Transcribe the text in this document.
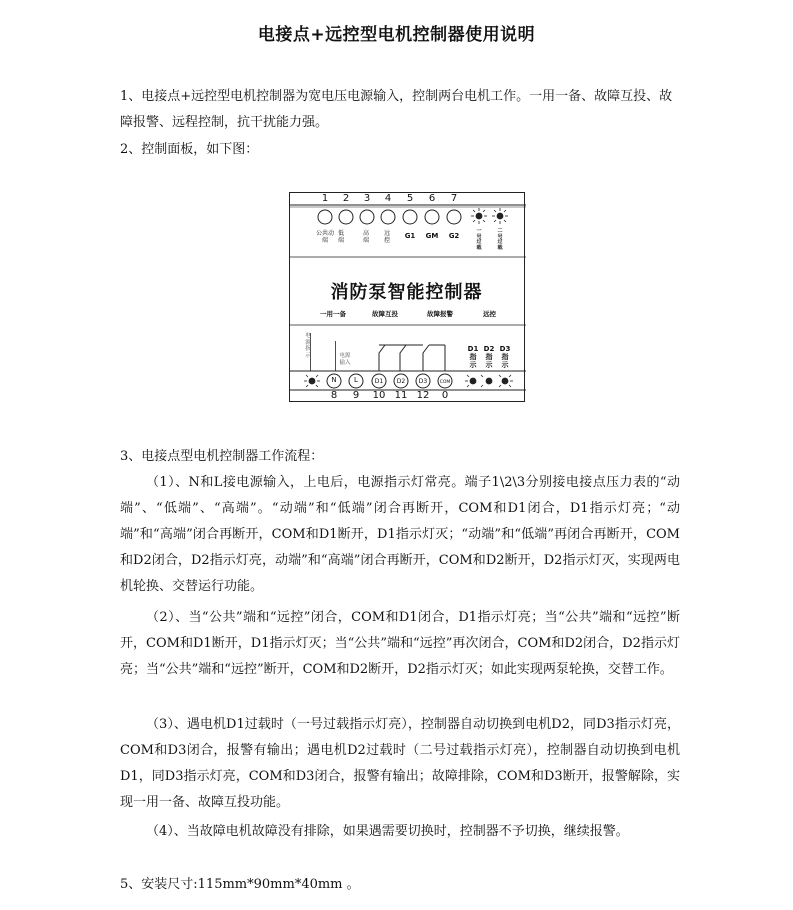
电接点+远控型电机控制器使用说明
1、电接点+远控型电机控制器为宽电压电源输入，控制两台电机工作。一用一备、故障互投、故障报警、远程控制，抗干扰能力强。
2、控制面板，如下图：
1	2	3	4	5	6	7
公共动端
低端
高端
远控
G1	GM	G2
一号过载
二号过载
消防泵智能控制器
一用一备	故障互投	故障报警	远控
电源指示	电源输入
N	L	D1	D2	D3	COM
8	9	10 11 12	0
D1指示
D2指示
D3指示
3、电接点型电机控制器工作流程：
（1）、N和L接电源输入，上电后，电源指示灯常亮。端子1\2\3分别接电接点压力表的“动端”、“低端”、“高端”。“动端”和“低端”闭合再断开，COM和D1闭合，D1指示灯亮；“动端”和“高端”闭合再断开，COM和D1断开，D1指示灯灭；“动端”和“低端”再闭合再断开，COM和D2闭合，D2指示灯亮，动端”和“高端”闭合再断开，COM和D2断开，D2指示灯灭，实现两电机轮换、交替运行功能。
（2）、当“公共”端和“远控”闭合，COM和D1闭合，D1指示灯亮；当“公共”端和“远控”断开，COM和D1断开，D1指示灯灭；当“公共”端和“远控”再次闭合，COM和D2闭合，D2指示灯亮；当“公共”端和“远控”断开，COM和D2断开，D2指示灯灭；如此实现两泵轮换，交替工作。
（3）、遇电机D1过载时（一号过载指示灯亮），控制器自动切换到电机D2，同D3指示灯亮，COM和D3闭合，报警有输出；遇电机D2过载时（二号过载指示灯亮），控制器自动切换到电机D1，同D3指示灯亮，COM和D3闭合，报警有输出；故障排除，COM和D3断开，报警解除，实现一用一备、故障互投功能。
（4）、当故障电机故障没有排除，如果遇需要切换时，控制器不予切换，继续报警。
5、安装尺寸:115mm*90mm*40mm 。
